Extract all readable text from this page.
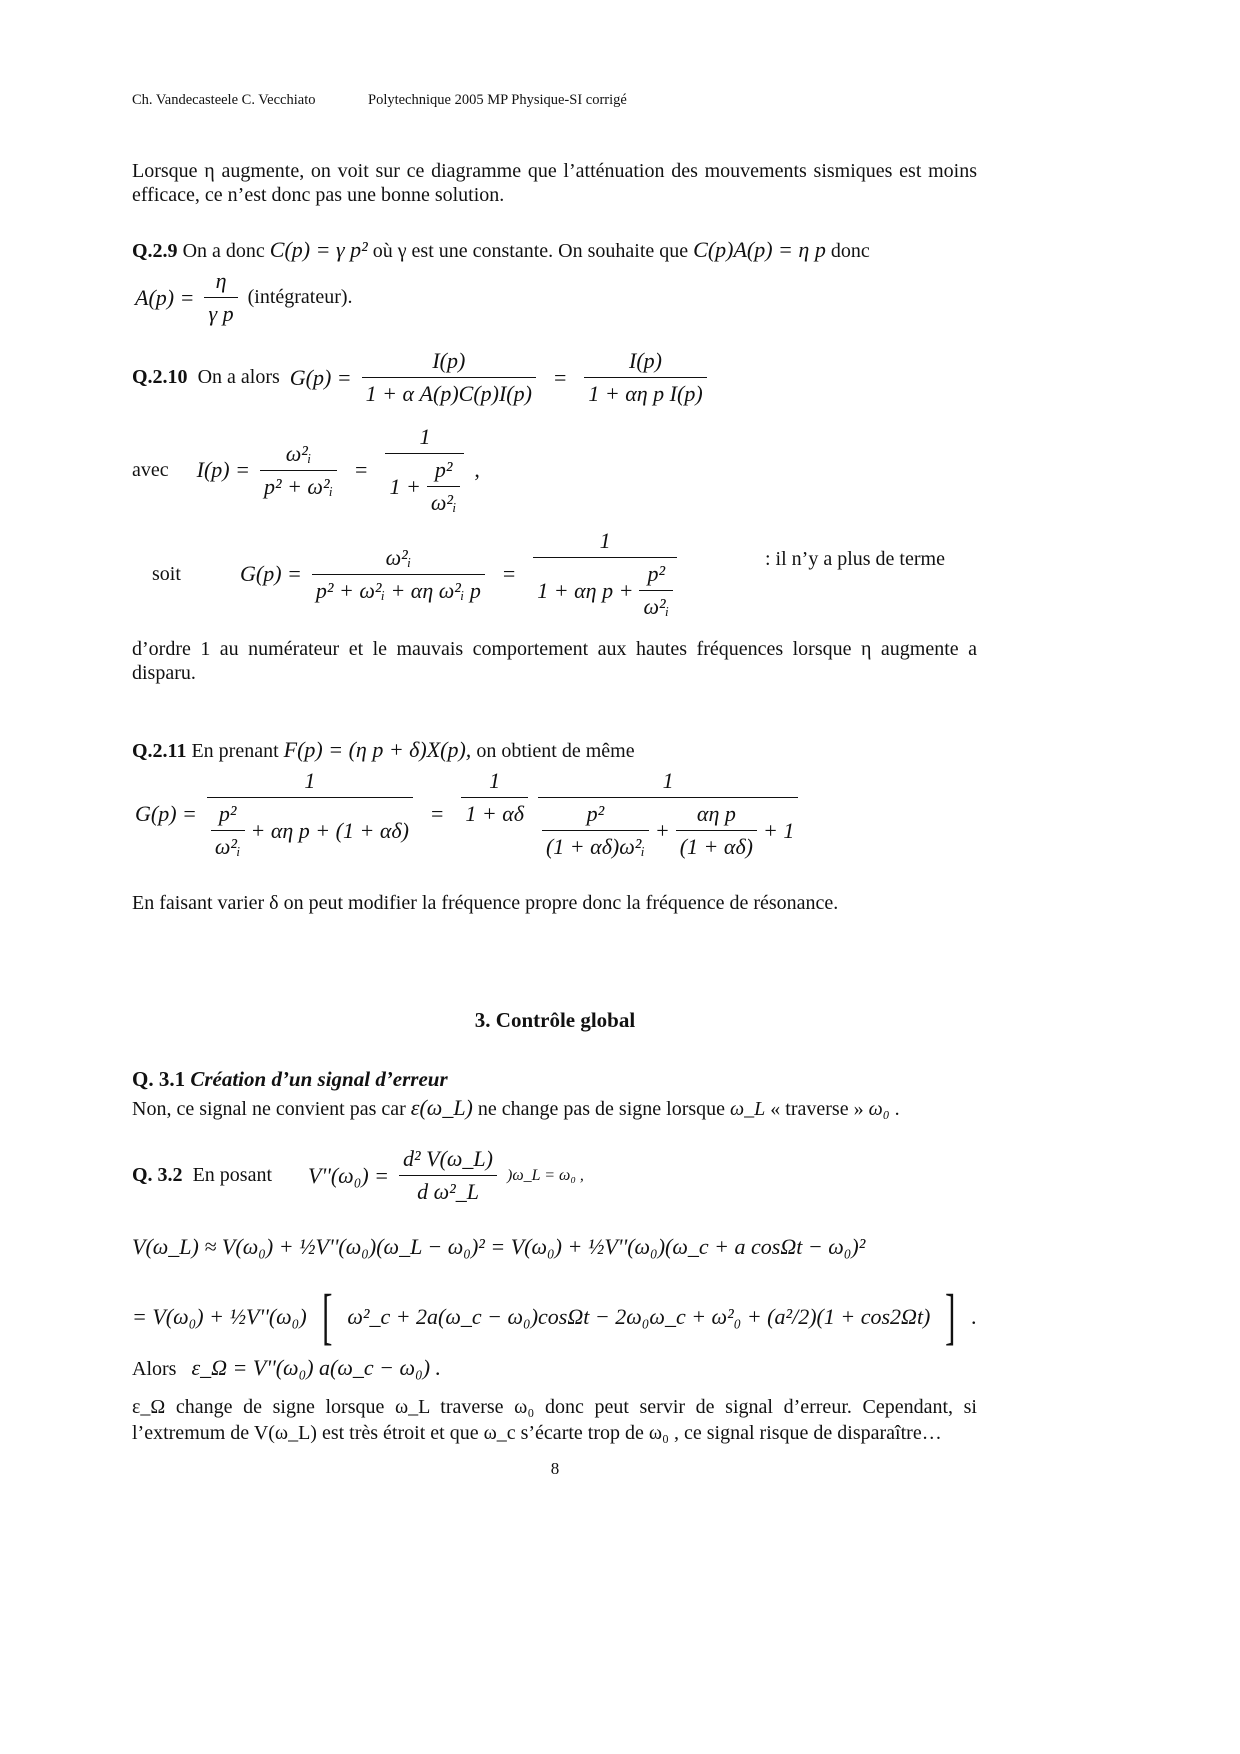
Ch. Vandecasteele C. Vecchiato	Polytechnique 2005 MP Physique-SI corrigé
Lorsque η augmente, on voit sur ce diagramme que l’atténuation des mouvements sismiques est moins
efficace, ce n’est donc pas une bonne solution.
Q.2.9 On a donc C(p) = γ p² où γ est une constante. On souhaite que C(p)A(p) = η p donc
$A(p) = \frac{\eta}{\text{γ p}}$ (intégrateur).
Q.2.10 On a alors $G(p) = \frac{I(p)}{\text{1 + α A(p)C(p)I(p)}} = \frac{I(p)}{\text{1 + αη p I(p)}}$
avec $I(p) = \frac{\text{ω²ᵢ}}{\text{p² + ω²ᵢ}} = \frac{1}{1 + \frac{\text{p²}}{\text{ω²ᵢ}}}$ ,
soit	$G(p) = \frac{\text{ω²ᵢ}}{\text{p² + ω²ᵢ + αη ω²ᵢ p}} = \frac{1}{1 + \alpha\eta p + \frac{\text{p²}}{\text{ω²ᵢ}}}$	: il n’y a plus de terme
d’ordre 1 au numérateur et le mauvais comportement aux hautes fréquences lorsque η augmente a
disparu.
Q.2.11 En prenant F(p) = (η p + δ)X(p), on obtient de même
$G(p) = \frac{1}{\frac{\text{p²}}{\text{ω²ᵢ}} + \alpha\eta p + (1 + \alpha\delta)} = \frac{1}{1 + \alpha\delta}$	1
$\frac{\text{p²}}{\text{(1 + αδ)ω²ᵢ}} + \frac{\text{αη p}}{(1 + \alpha\delta)} + 1$
En faisant varier δ on peut modifier la fréquence propre donc la fréquence de résonance.
3. Contrôle global
Q. 3.1 Création d’un signal d’erreur
Non, ce signal ne convient pas car ε(ω_L) ne change pas de signe lorsque ω_L « traverse » ω₀ .
Q. 3.2 En posant $V''(\omega_0) = \frac{\text{d² V(ω\_L)}}{\text{d ω²\_L}}$ )ω_L = ω₀ ,
V(ω_L) ≈ V(ω₀) + ½V''(ω₀)(ω_L − ω₀)² = V(ω₀) + ½V''(ω₀)(ω_c + a cosΩt − ω₀)²
= V(ω₀) + ½V''(ω₀) [ ω²_c + 2a(ω_c − ω₀)cosΩt − 2ω₀ω_c + ω²₀ + (a²/2)(1 + cos2Ωt) ] .
Alors ε_Ω = V''(ω₀) a(ω_c − ω₀) .
ε_Ω change de signe lorsque ω_L traverse ω₀ donc peut servir de signal d’erreur. Cependant, si
l’extremum de V(ω_L) est très étroit et que ω_c s’écarte trop de ω₀ , ce signal risque de disparaître…
8
